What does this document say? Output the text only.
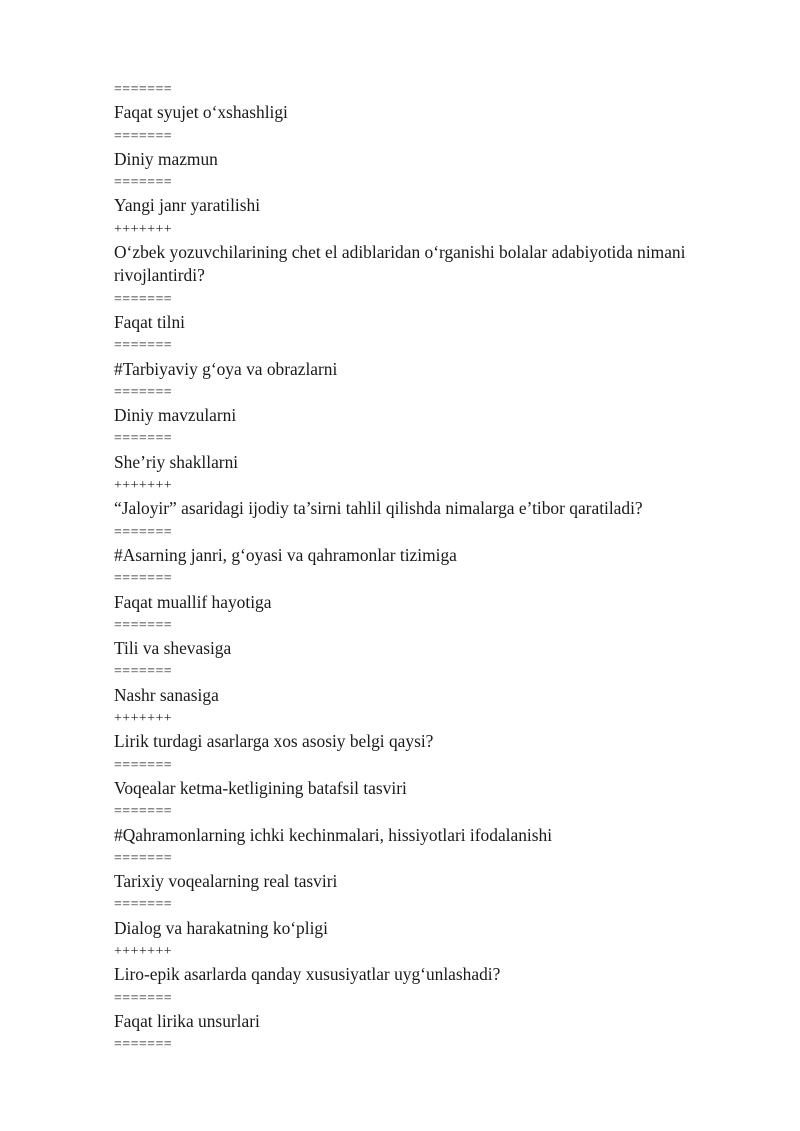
=======

Faqat syujet o‘xshashligi

=======

Diniy mazmun

=======

Yangi janr yaratilishi

+++++++

O‘zbek yozuvchilarining chet el adiblaridan o‘rganishi bolalar adabiyotida nimani rivojlantirdi?

=======

Faqat tilni

=======

#Tarbiyaviy g‘oya va obrazlarni

=======

Diniy mavzularni

=======

She’riy shakllarni

+++++++

“Jaloyir” asaridagi ijodiy ta’sirni tahlil qilishda nimalarga e’tibor qaratiladi?

=======

#Asarning janri, g‘oyasi va qahramonlar tizimiga

=======

Faqat muallif hayotiga

=======

Tili va shevasiga

=======

Nashr sanasiga

+++++++

Lirik turdagi asarlarga xos asosiy belgi qaysi?

=======

Voqealar ketma-ketligining batafsil tasviri

=======

#Qahramonlarning ichki kechinmalari, hissiyotlari ifodalanishi

=======

Tarixiy voqealarning real tasviri

=======

Dialog va harakatning ko‘pligi

+++++++

Liro-epik asarlarda qanday xususiyatlar uyg‘unlashadi?

=======

Faqat lirika unsurlari

=======
